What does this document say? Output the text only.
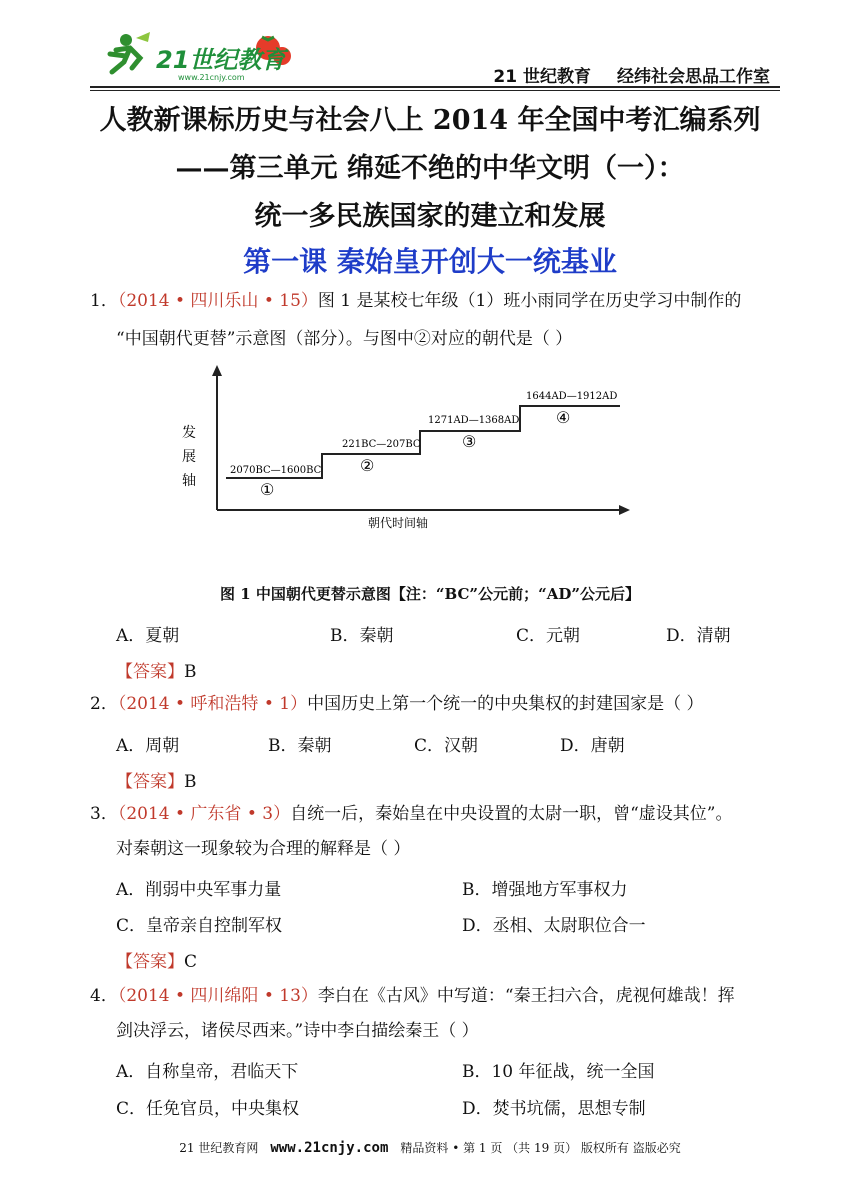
21世纪教育
www.21cnjy.com	21 世纪教育 经纬社会思品工作室
人教新课标历史与社会八上 2014 年全国中考汇编系列
——第三单元 绵延不绝的中华文明（一）：
统一多民族国家的建立和发展
第一课 秦始皇开创大一统基业
1．（2014 • 四川乐山 • 15）图 1 是某校七年级（1）班小雨同学在历史学习中制作的
“中国朝代更替”示意图（部分）。与图中②对应的朝代是（ ）
发
展
轴
2070BC—1600BC
①
221BC—207BC
②
1271AD—1368AD
③
1644AD—1912AD
④
朝代时间轴
图 1 中国朝代更替示意图【注：“BC”公元前；“AD”公元后】
A．夏朝	B．秦朝	C．元朝	D．清朝
【答案】B
2．（2014 • 呼和浩特 • 1）中国历史上第一个统一的中央集权的封建国家是（ ）
A．周朝	B．秦朝	C．汉朝	D．唐朝
【答案】B
3．（2014 • 广东省 • 3）自统一后，秦始皇在中央设置的太尉一职，曾“虚设其位”。
对秦朝这一现象较为合理的解释是（ ）
A．削弱中央军事力量	B．增强地方军事权力
C．皇帝亲自控制军权	D．丞相、太尉职位合一
【答案】C
4．（2014 • 四川绵阳 • 13）李白在《古风》中写道：“秦王扫六合，虎视何雄哉！挥
剑决浮云，诸侯尽西来。”诗中李白描绘秦王（ ）
A．自称皇帝，君临天下	B．10 年征战，统一全国
C．任免官员，中央集权	D．焚书坑儒，思想专制
21 世纪教育网 www.21cnjy.com 精品资料 • 第 1 页 （共 19 页） 版权所有 盗版必究
